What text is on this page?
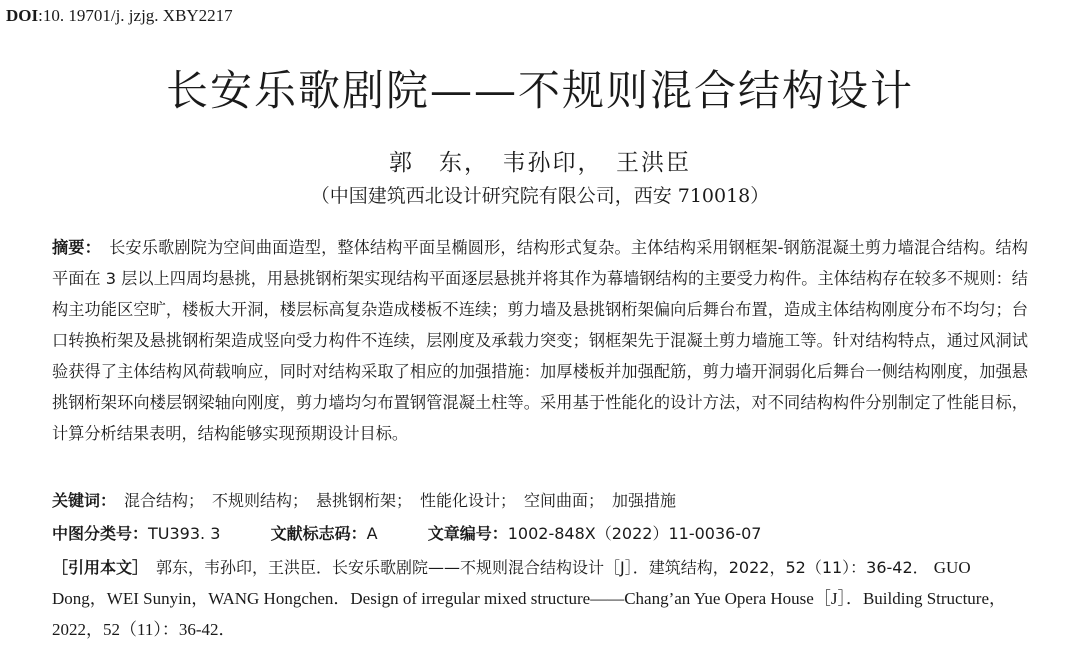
DOI:10. 19701/j. jzjg. XBY2217
长安乐歌剧院——不规则混合结构设计
郭　东，　韦孙印，　王洪臣
（中国建筑西北设计研究院有限公司，西安 710018）
摘要：　长安乐歌剧院为空间曲面造型，整体结构平面呈椭圆形，结构形式复杂。主体结构采用钢框架-钢筋混凝土剪力墙混合结构。结构平面在 3 层以上四周均悬挑，用悬挑钢桁架实现结构平面逐层悬挑并将其作为幕墙钢结构的主要受力构件。主体结构存在较多不规则：结构主功能区空旷，楼板大开洞，楼层标高复杂造成楼板不连续；剪力墙及悬挑钢桁架偏向后舞台布置，造成主体结构刚度分布不均匀；台口转换桁架及悬挑钢桁架造成竖向受力构件不连续，层刚度及承载力突变；钢框架先于混凝土剪力墙施工等。针对结构特点，通过风洞试验获得了主体结构风荷载响应，同时对结构采取了相应的加强措施：加厚楼板并加强配筋，剪力墙开洞弱化后舞台一侧结构刚度，加强悬挑钢桁架环向楼层钢梁轴向刚度，剪力墙均匀布置钢管混凝土柱等。采用基于性能化的设计方法，对不同结构构件分别制定了性能目标，计算分析结果表明，结构能够实现预期设计目标。
关键词：　混合结构；　不规则结构；　悬挑钢桁架；　性能化设计；　空间曲面；　加强措施
中图分类号：TU393. 3	文献标志码：A	文章编号：1002-848X（2022）11-0036-07
［引用本文］　郭东，韦孙印，王洪臣．长安乐歌剧院——不规则混合结构设计［J］．建筑结构，2022，52（11）：36-42． GUO Dong，WEI Sunyin，WANG Hongchen．Design of irregular mixed structure——Chang’an Yue Opera House［J］．Building Structure，2022，52（11）：36-42．
